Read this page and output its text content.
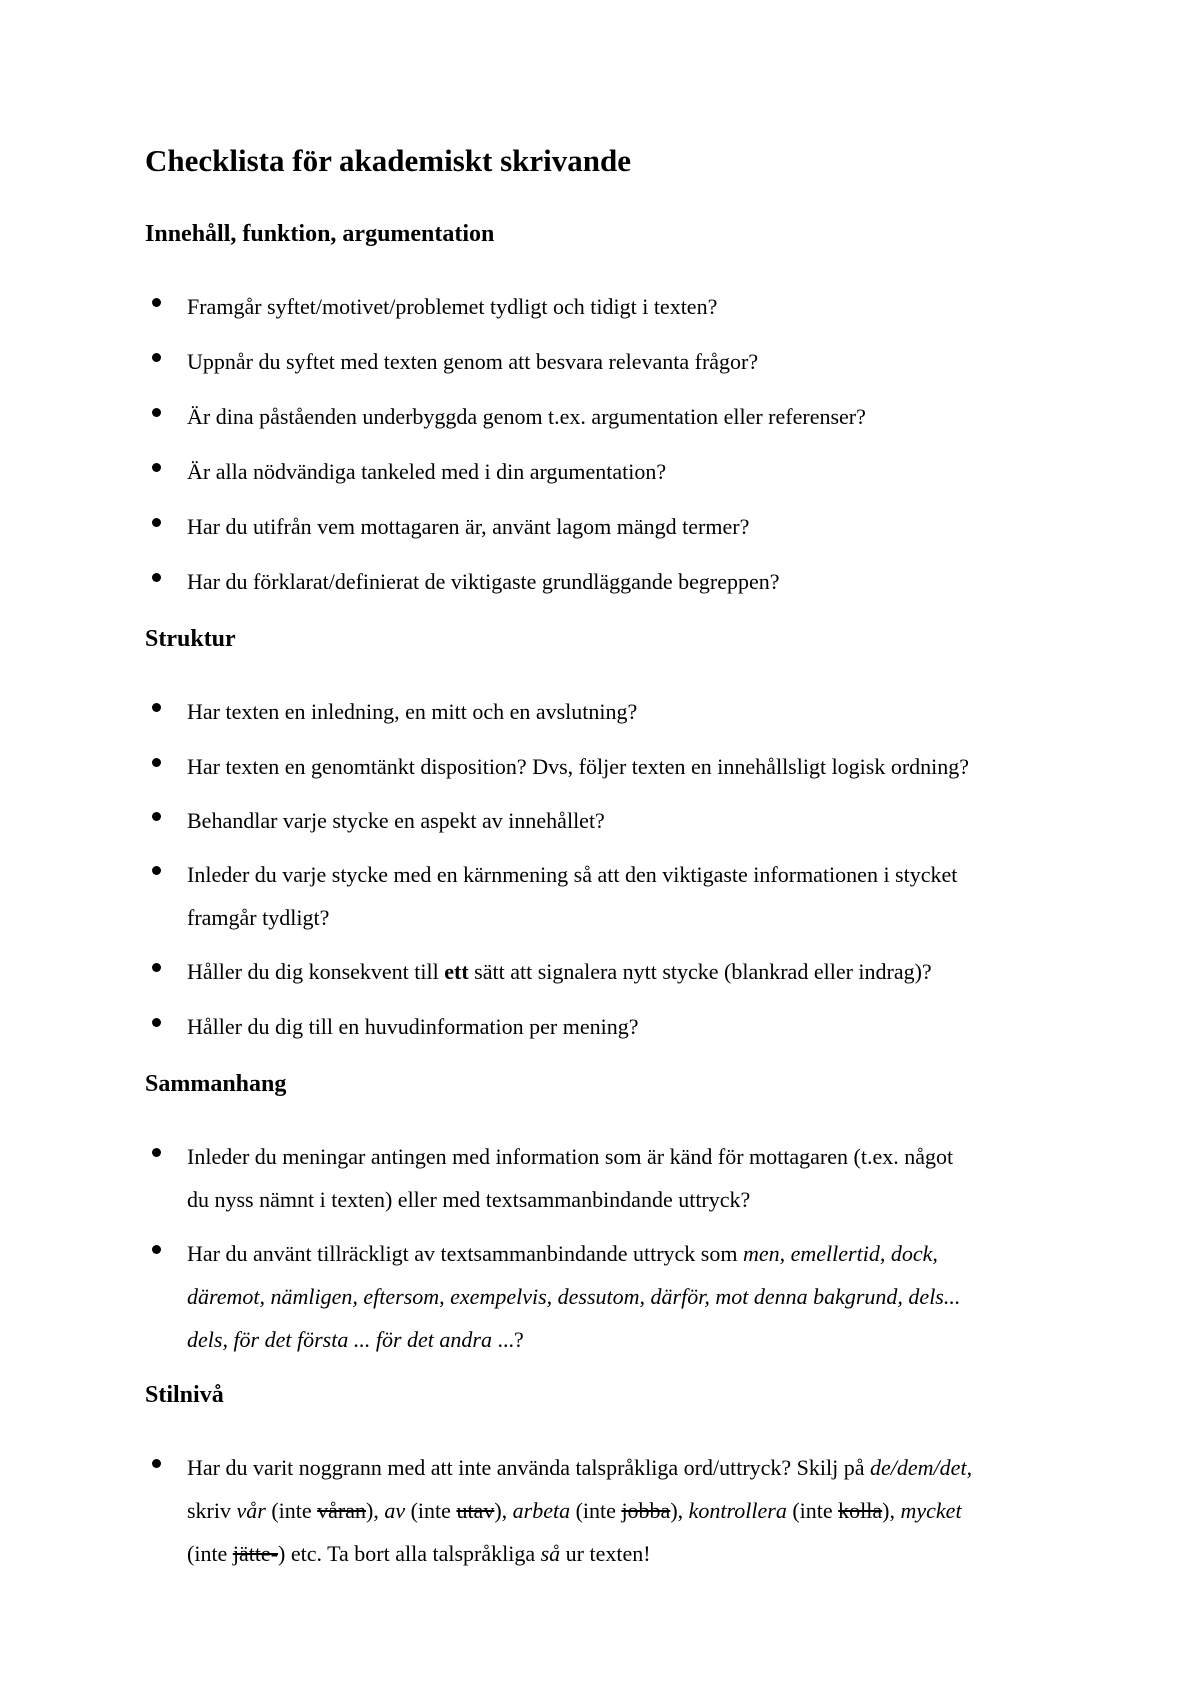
Checklista för akademiskt skrivande
Innehåll, funktion, argumentation
Framgår syftet/motivet/problemet tydligt och tidigt i texten?
Uppnår du syftet med texten genom att besvara relevanta frågor?
Är dina påståenden underbyggda genom t.ex. argumentation eller referenser?
Är alla nödvändiga tankeled med i din argumentation?
Har du utifrån vem mottagaren är, använt lagom mängd termer?
Har du förklarat/definierat de viktigaste grundläggande begreppen?
Struktur
Har texten en inledning, en mitt och en avslutning?
Har texten en genomtänkt disposition? Dvs, följer texten en innehållsligt logisk ordning?
Behandlar varje stycke en aspekt av innehållet?
Inleder du varje stycke med en kärnmening så att den viktigaste informationen i stycket
framgår tydligt?
Håller du dig konsekvent till ett sätt att signalera nytt stycke (blankrad eller indrag)?
Håller du dig till en huvudinformation per mening?
Sammanhang
Inleder du meningar antingen med information som är känd för mottagaren (t.ex. något
du nyss nämnt i texten) eller med textsammanbindande uttryck?
Har du använt tillräckligt av textsammanbindande uttryck som men, emellertid, dock,
däremot, nämligen, eftersom, exempelvis, dessutom, därför, mot denna bakgrund, dels...
dels, för det första ... för det andra ...?
Stilnivå
Har du varit noggrann med att inte använda talspråkliga ord/uttryck? Skilj på de/dem/det,
skriv vår (inte våran), av (inte utav), arbeta (inte jobba), kontrollera (inte kolla), mycket
(inte jätte-) etc. Ta bort alla talspråkliga så ur texten!
